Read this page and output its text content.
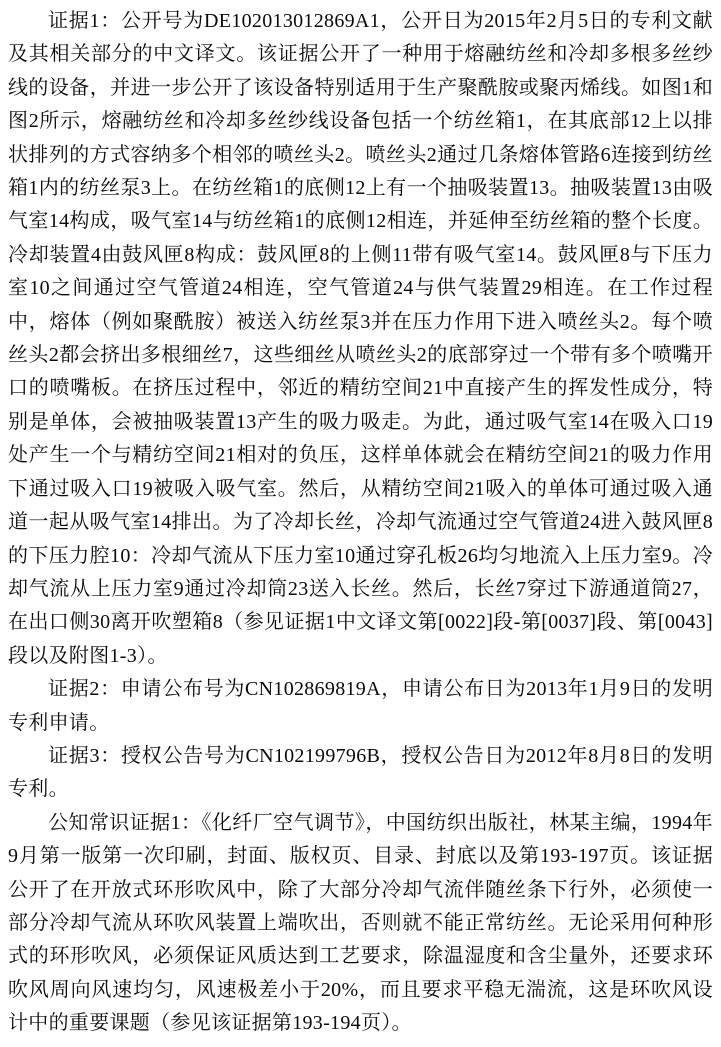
证据1：公开号为DE102013012869A1，公开日为2015年2月5日的专利文献及其相关部分的中文译文。该证据公开了一种用于熔融纺丝和冷却多根多丝纱线的设备，并进一步公开了该设备特别适用于生产聚酰胺或聚丙烯线。如图1和图2所示，熔融纺丝和冷却多丝纱线设备包括一个纺丝箱1，在其底部12上以排状排列的方式容纳多个相邻的喷丝头2。喷丝头2通过几条熔体管路6连接到纺丝箱1内的纺丝泵3上。在纺丝箱1的底侧12上有一个抽吸装置13。抽吸装置13由吸气室14构成，吸气室14与纺丝箱1的底侧12相连，并延伸至纺丝箱的整个长度。冷却装置4由鼓风匣8构成：鼓风匣8的上侧11带有吸气室14。鼓风匣8与下压力室10之间通过空气管道24相连，空气管道24与供气装置29相连。在工作过程中，熔体（例如聚酰胺）被送入纺丝泵3并在压力作用下进入喷丝头2。每个喷丝头2都会挤出多根细丝7，这些细丝从喷丝头2的底部穿过一个带有多个喷嘴开口的喷嘴板。在挤压过程中，邻近的精纺空间21中直接产生的挥发性成分，特别是单体，会被抽吸装置13产生的吸力吸走。为此，通过吸气室14在吸入口19处产生一个与精纺空间21相对的负压，这样单体就会在精纺空间21的吸力作用下通过吸入口19被吸入吸气室。然后，从精纺空间21吸入的单体可通过吸入通道一起从吸气室14排出。为了冷却长丝，冷却气流通过空气管道24进入鼓风匣8的下压力腔10：冷却气流从下压力室10通过穿孔板26均匀地流入上压力室9。冷却气流从上压力室9通过冷却筒23送入长丝。然后，长丝7穿过下游通道筒27，在出口侧30离开吹塑箱8（参见证据1中文译文第[0022]段-第[0037]段、第[0043]段以及附图1-3）。

证据2：申请公布号为CN102869819A，申请公布日为2013年1月9日的发明专利申请。

证据3：授权公告号为CN102199796B，授权公告日为2012年8月8日的发明专利。

公知常识证据1：《化纤厂空气调节》，中国纺织出版社，林某主编，1994年9月第一版第一次印刷，封面、版权页、目录、封底以及第193-197页。该证据公开了在开放式环形吹风中，除了大部分冷却气流伴随丝条下行外，必须使一部分冷却气流从环吹风装置上端吹出，否则就不能正常纺丝。无论采用何种形式的环形吹风，必须保证风质达到工艺要求，除温湿度和含尘量外，还要求环吹风周向风速均匀，风速极差小于20%，而且要求平稳无湍流，这是环吹风设计中的重要课题（参见该证据第193-194页）。
